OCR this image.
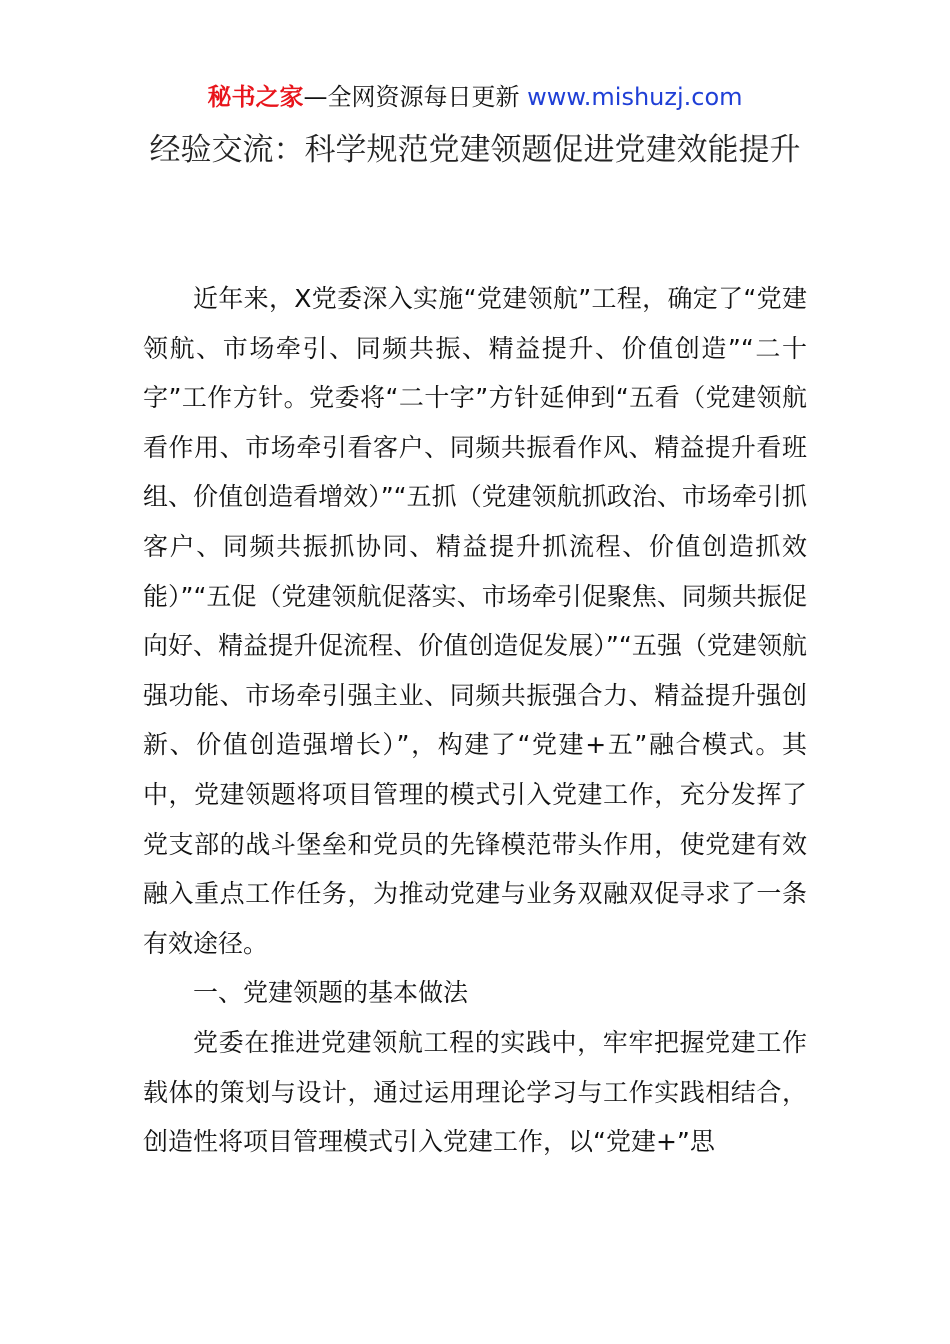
秘书之家—全网资源每日更新 www.mishuzj.com
经验交流：科学规范党建领题促进党建效能提升

近年来，X党委深入实施“党建领航”工程，确定了“党建领航、市场牵引、同频共振、精益提升、价值创造”“二十字”工作方针。党委将“二十字”方针延伸到“五看（党建领航看作用、市场牵引看客户、同频共振看作风、精益提升看班组、价值创造看增效）”“五抓（党建领航抓政治、市场牵引抓客户、同频共振抓协同、精益提升抓流程、价值创造抓效能）”“五促（党建领航促落实、市场牵引促聚焦、同频共振促向好、精益提升促流程、价值创造促发展）”“五强（党建领航强功能、市场牵引强主业、同频共振强合力、精益提升强创新、价值创造强增长）”，构建了“党建+五”融合模式。其中，党建领题将项目管理的模式引入党建工作，充分发挥了党支部的战斗堡垒和党员的先锋模范带头作用，使党建有效融入重点工作任务，为推动党建与业务双融双促寻求了一条有效途径。

一、党建领题的基本做法

党委在推进党建领航工程的实践中，牢牢把握党建工作载体的策划与设计，通过运用理论学习与工作实践相结合，创造性将项目管理模式引入党建工作，以“党建+”思
